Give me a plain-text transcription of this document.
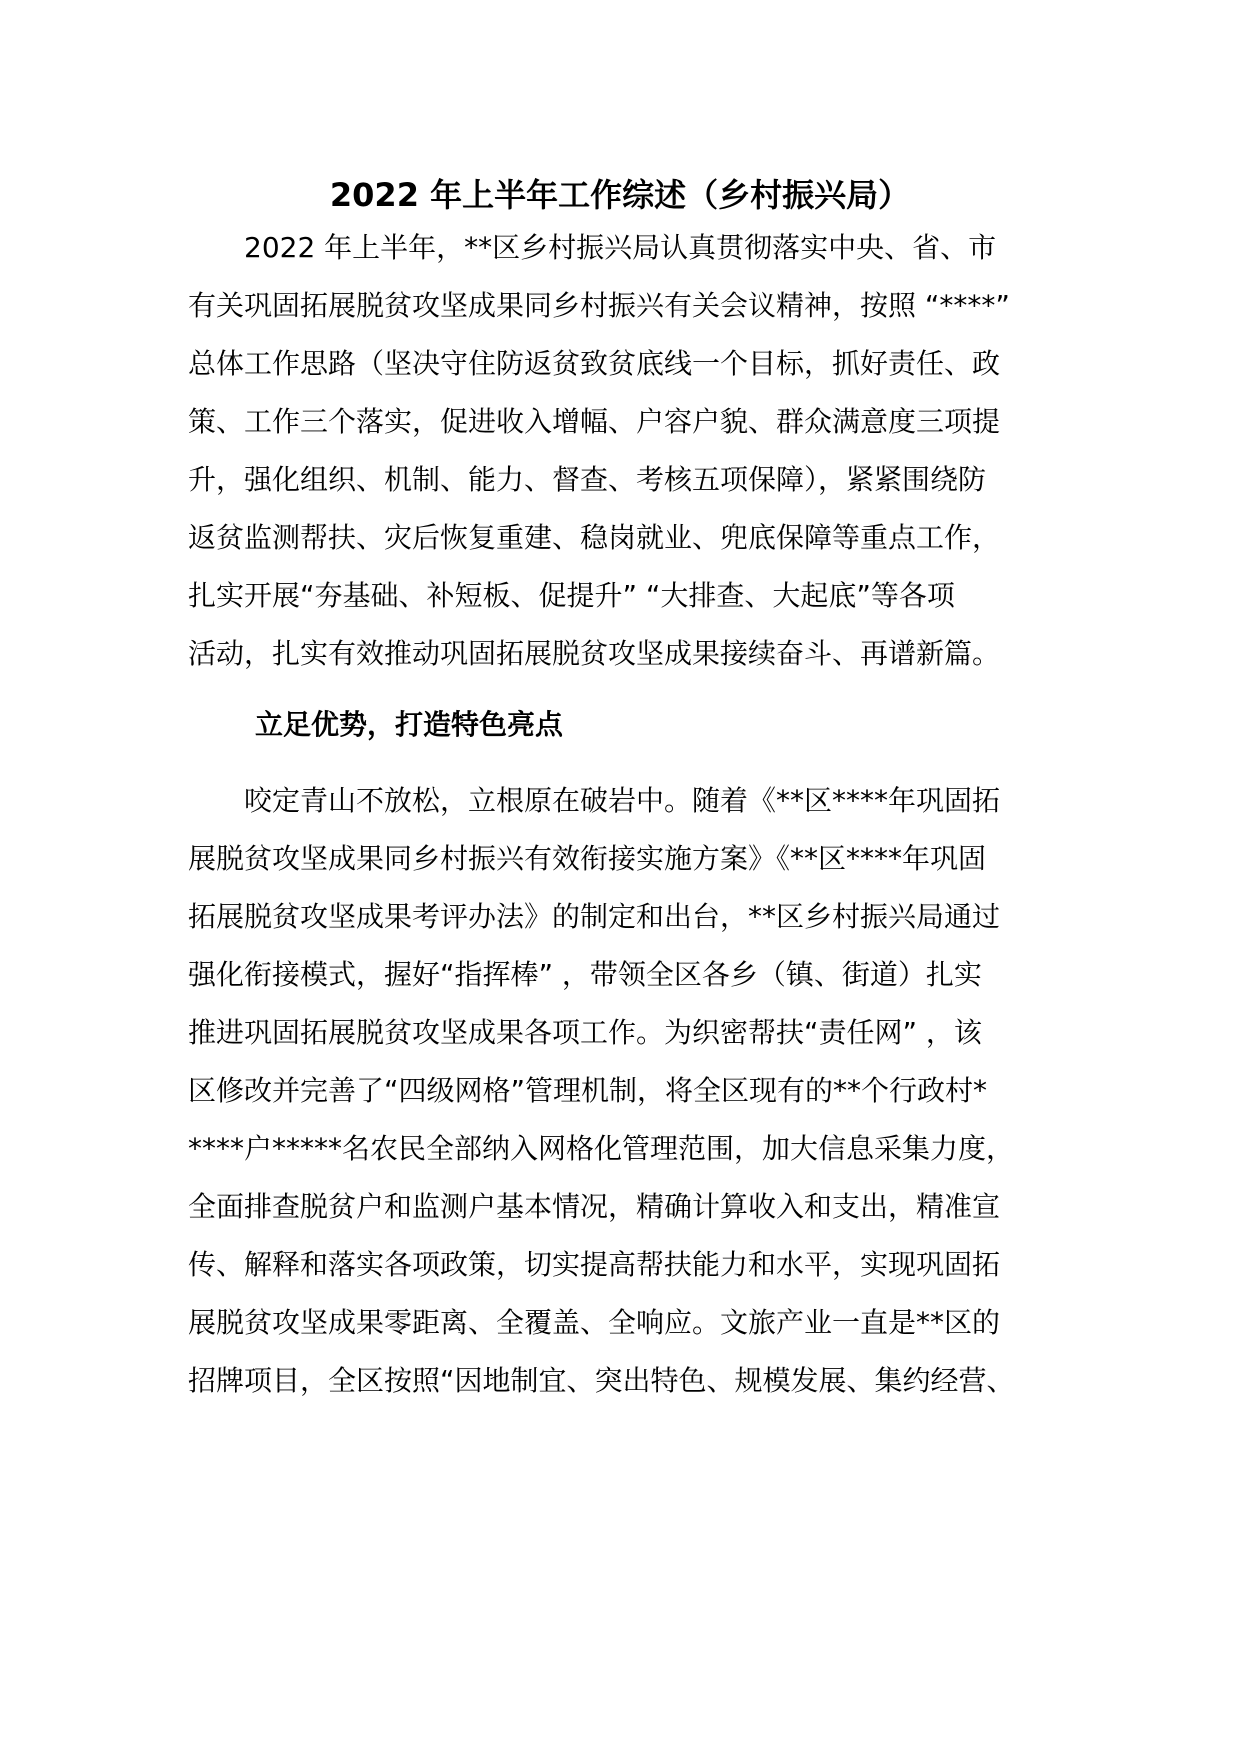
2022 年上半年工作综述（乡村振兴局）
　　2022 年上半年，**区乡村振兴局认真贯彻落实中央、省、市
有关巩固拓展脱贫攻坚成果同乡村振兴有关会议精神，按照 “****”
总体工作思路（坚决守住防返贫致贫底线一个目标，抓好责任、政
策、工作三个落实，促进收入增幅、户容户貌、群众满意度三项提
升，强化组织、机制、能力、督查、考核五项保障），紧紧围绕防
返贫监测帮扶、灾后恢复重建、稳岗就业、兜底保障等重点工作，
扎实开展“夯基础、补短板、促提升” “大排查、大起底”等各项
活动，扎实有效推动巩固拓展脱贫攻坚成果接续奋斗、再谱新篇。
立足优势，打造特色亮点
　　咬定青山不放松，立根原在破岩中。随着《**区****年巩固拓
展脱贫攻坚成果同乡村振兴有效衔接实施方案》《**区****年巩固
拓展脱贫攻坚成果考评办法》的制定和出台，**区乡村振兴局通过
强化衔接模式，握好“指挥棒” ，带领全区各乡（镇、街道）扎实
推进巩固拓展脱贫攻坚成果各项工作。为织密帮扶“责任网” ，该
区修改并完善了“四级网格”管理机制，将全区现有的**个行政村*
****户*****名农民全部纳入网格化管理范围，加大信息采集力度，
全面排查脱贫户和监测户基本情况，精确计算收入和支出，精准宣
传、解释和落实各项政策，切实提高帮扶能力和水平，实现巩固拓
展脱贫攻坚成果零距离、全覆盖、全响应。文旅产业一直是**区的
招牌项目，全区按照“因地制宜、突出特色、规模发展、集约经营、
